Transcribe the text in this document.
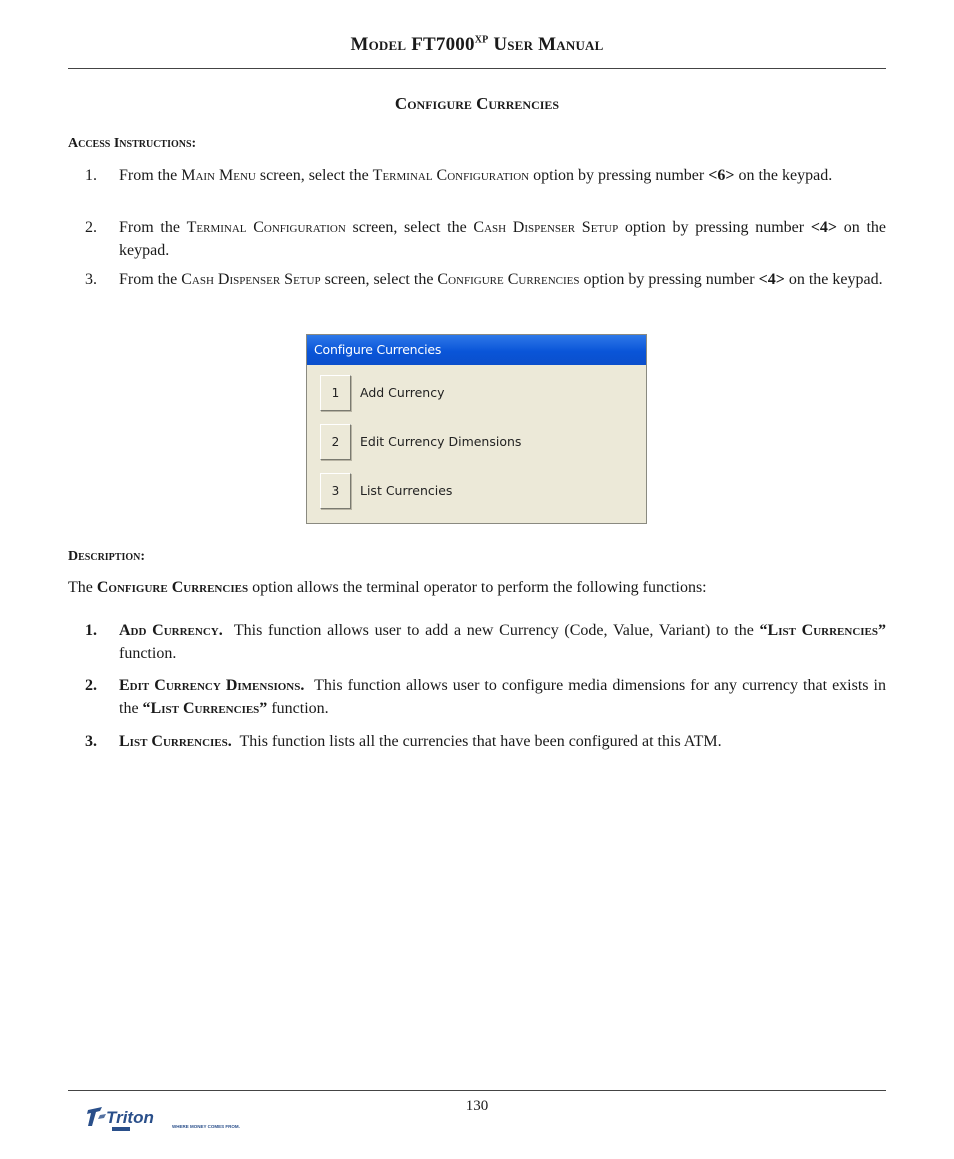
Model $FT7000^{XP}$ User Manual
Configure Currencies
Access Instructions:
1. From the Main Menu screen, select the Terminal Configuration option by pressing number <6> on the keypad.
2. From the Terminal Configuration screen, select the Cash Dispenser Setup option by pressing number <4> on the keypad.
3. From the Cash Dispenser Setup screen, select the Configure Currencies option by pressing number <4> on the keypad.
Configure Currencies
1	Add Currency
2	Edit Currency Dimensions
3	List Currencies
Description:
The Configure Currencies option allows the terminal operator to perform the following functions:
1. Add Currency.  This function allows user to add a new Currency (Code, Value, Variant) to the “List Currencies”  function.
2. Edit Currency Dimensions.  This function allows user to configure media dimensions for any currency that exists in the “List Currencies” function.
3. List Currencies.  This function lists all the currencies that have been configured at this ATM.
130
Triton	WHERE MONEY COMES FROM.
